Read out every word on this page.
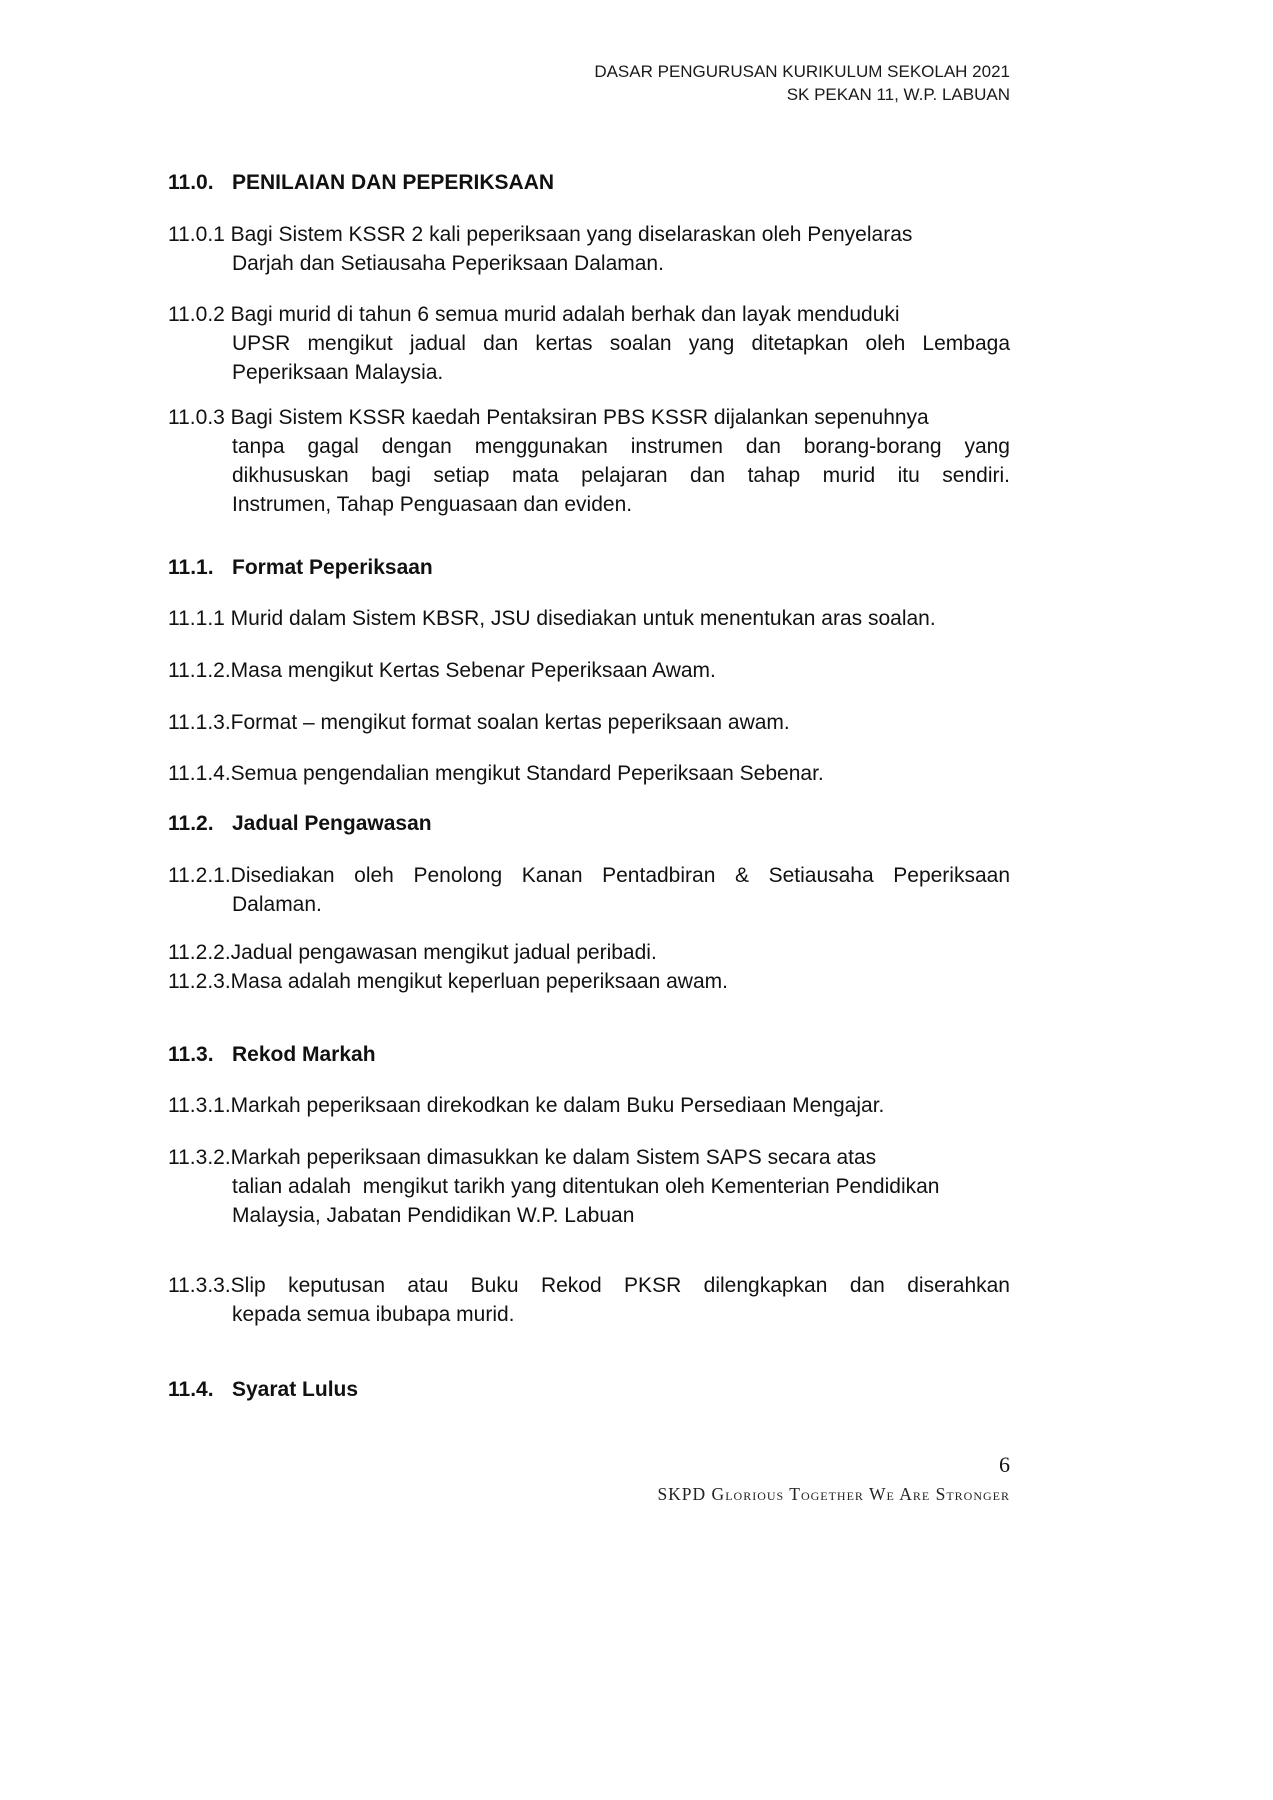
DASAR PENGURUSAN KURIKULUM SEKOLAH 2021
SK PEKAN 11, W.P. LABUAN
11.0. PENILAIAN DAN PEPERIKSAAN

11.0.1 Bagi Sistem KSSR 2 kali peperiksaan yang diselaraskan oleh Penyelaras
Darjah dan Setiausaha Peperiksaan Dalaman.

11.0.2 Bagi murid di tahun 6 semua murid adalah berhak dan layak menduduki
UPSR mengikut jadual dan kertas soalan yang ditetapkan oleh Lembaga
Peperiksaan Malaysia.

11.0.3 Bagi Sistem KSSR kaedah Pentaksiran PBS KSSR dijalankan sepenuhnya
tanpa gagal dengan menggunakan instrumen dan borang-borang yang
dikhususkan bagi setiap mata pelajaran dan tahap murid itu sendiri.
Instrumen, Tahap Penguasaan dan eviden.

11.1. Format Peperiksaan

11.1.1 Murid dalam Sistem KBSR, JSU disediakan untuk menentukan aras soalan.

11.1.2.Masa mengikut Kertas Sebenar Peperiksaan Awam.

11.1.3.Format – mengikut format soalan kertas peperiksaan awam.

11.1.4.Semua pengendalian mengikut Standard Peperiksaan Sebenar.

11.2. Jadual Pengawasan

11.2.1.Disediakan oleh Penolong Kanan Pentadbiran & Setiausaha Peperiksaan
Dalaman.

11.2.2.Jadual pengawasan mengikut jadual peribadi.

11.2.3.Masa adalah mengikut keperluan peperiksaan awam.

11.3. Rekod Markah

11.3.1.Markah peperiksaan direkodkan ke dalam Buku Persediaan Mengajar.

11.3.2.Markah peperiksaan dimasukkan ke dalam Sistem SAPS secara atas
talian adalah  mengikut tarikh yang ditentukan oleh Kementerian Pendidikan
Malaysia, Jabatan Pendidikan W.P. Labuan

11.3.3.Slip keputusan atau Buku Rekod PKSR dilengkapkan dan diserahkan
kepada semua ibubapa murid.

11.4. Syarat Lulus
6
SKPD Glorious Together We Are Stronger
